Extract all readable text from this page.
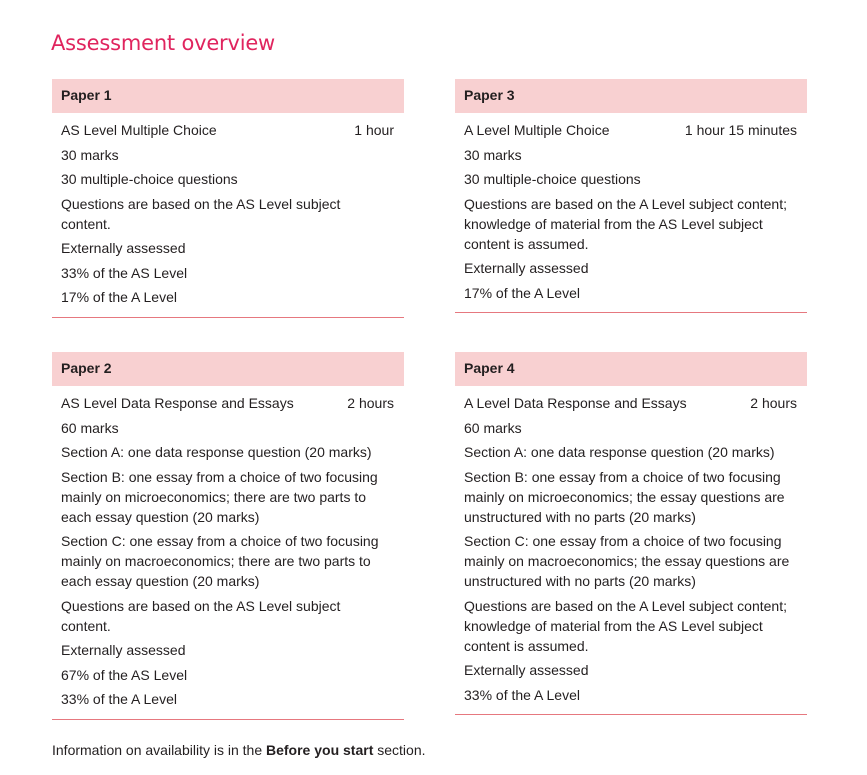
Assessment overview
Paper 1
AS Level Multiple Choice	1 hour
30 marks
30 multiple-choice questions
Questions are based on the AS Level subject content.
Externally assessed
33% of the AS Level
17% of the A Level
Paper 3
A Level Multiple Choice	1 hour 15 minutes
30 marks
30 multiple-choice questions
Questions are based on the A Level subject content; knowledge of material from the AS Level subject content is assumed.
Externally assessed
17% of the A Level
Paper 2
AS Level Data Response and Essays	2 hours
60 marks
Section A: one data response question (20 marks)
Section B: one essay from a choice of two focusing mainly on microeconomics; there are two parts to each essay question (20 marks)
Section C: one essay from a choice of two focusing mainly on macroeconomics; there are two parts to each essay question (20 marks)
Questions are based on the AS Level subject content.
Externally assessed
67% of the AS Level
33% of the A Level
Paper 4
A Level Data Response and Essays	2 hours
60 marks
Section A: one data response question (20 marks)
Section B: one essay from a choice of two focusing mainly on microeconomics; the essay questions are unstructured with no parts (20 marks)
Section C: one essay from a choice of two focusing mainly on macroeconomics; the essay questions are unstructured with no parts (20 marks)
Questions are based on the A Level subject content; knowledge of material from the AS Level subject content is assumed.
Externally assessed
33% of the A Level
Information on availability is in the Before you start section.
